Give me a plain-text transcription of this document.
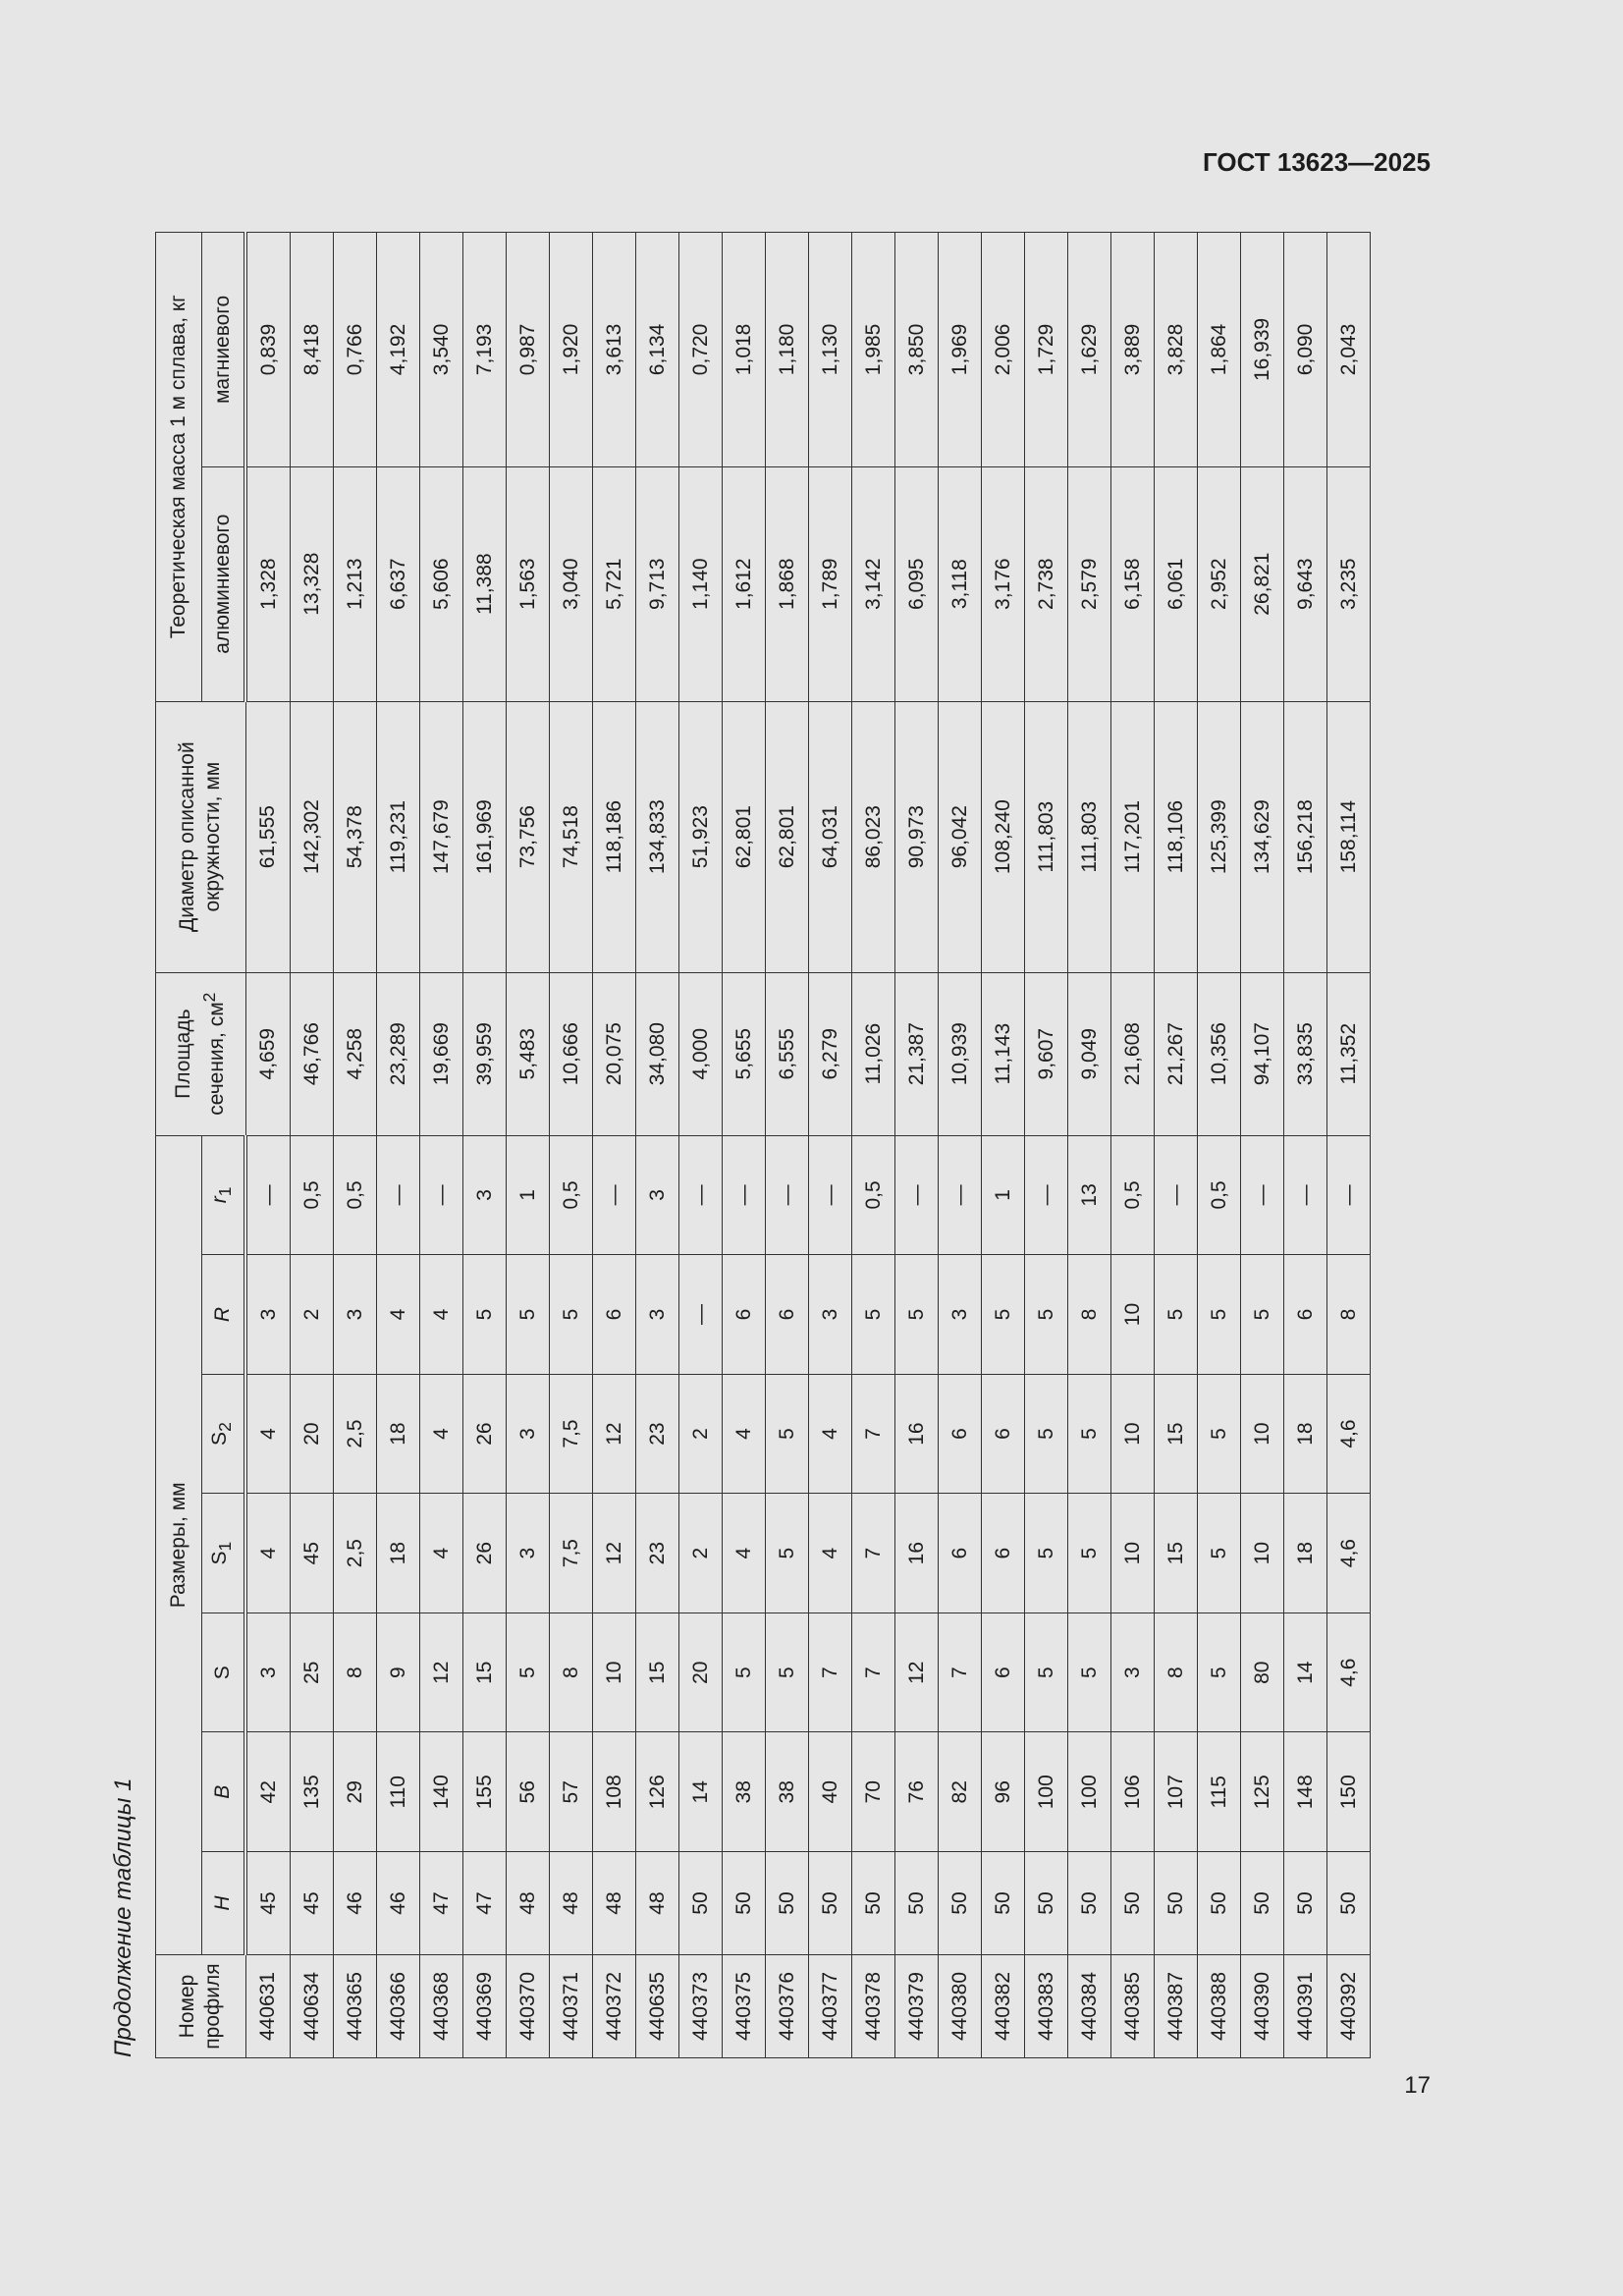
ГОСТ 13623—2025
Продолжение таблицы 1 Номер профиля	Размеры, мм							Площадь сечения, $см^2$	Диаметр описанной окружности, мм	Теоретическая масса 1 м сплава, кг	
	H	B	S	$S_1$	$S_2$	R	$r_1$			алюминиевого	магниевого
440631	45	42	3	4	4	3	—	4,659	61,555	1,328	0,839
440634	45	135	25	45	20	2	0,5	46,766	142,302	13,328	8,418
440365	46	29	8	2,5	2,5	3	0,5	4,258	54,378	1,213	0,766
440366	46	110	9	18	18	4	—	23,289	119,231	6,637	4,192
440368	47	140	12	4	4	4	—	19,669	147,679	5,606	3,540
440369	47	155	15	26	26	5	3	39,959	161,969	11,388	7,193
440370	48	56	5	3	3	5	1	5,483	73,756	1,563	0,987
440371	48	57	8	7,5	7,5	5	0,5	10,666	74,518	3,040	1,920
440372	48	108	10	12	12	6	—	20,075	118,186	5,721	3,613
440635	48	126	15	23	23	3	3	34,080	134,833	9,713	6,134
440373	50	14	20	2	2	—	—	4,000	51,923	1,140	0,720
440375	50	38	5	4	4	6	—	5,655	62,801	1,612	1,018
440376	50	38	5	5	5	6	—	6,555	62,801	1,868	1,180
440377	50	40	7	4	4	3	—	6,279	64,031	1,789	1,130
440378	50	70	7	7	7	5	0,5	11,026	86,023	3,142	1,985
440379	50	76	12	16	16	5	—	21,387	90,973	6,095	3,850
440380	50	82	7	6	6	3	—	10,939	96,042	3,118	1,969
440382	50	96	6	6	6	5	1	11,143	108,240	3,176	2,006
440383	50	100	5	5	5	5	—	9,607	111,803	2,738	1,729
440384	50	100	5	5	5	8	13	9,049	111,803	2,579	1,629
440385	50	106	3	10	10	10	0,5	21,608	117,201	6,158	3,889
440387	50	107	8	15	15	5	—	21,267	118,106	6,061	3,828
440388	50	115	5	5	5	5	0,5	10,356	125,399	2,952	1,864
440390	50	125	80	10	10	5	—	94,107	134,629	26,821	16,939
440391	50	148	14	18	18	6	—	33,835	156,218	9,643	6,090
440392	50	150	4,6	4,6	4,6	8	—	11,352	158,114	3,235	2,043
17
